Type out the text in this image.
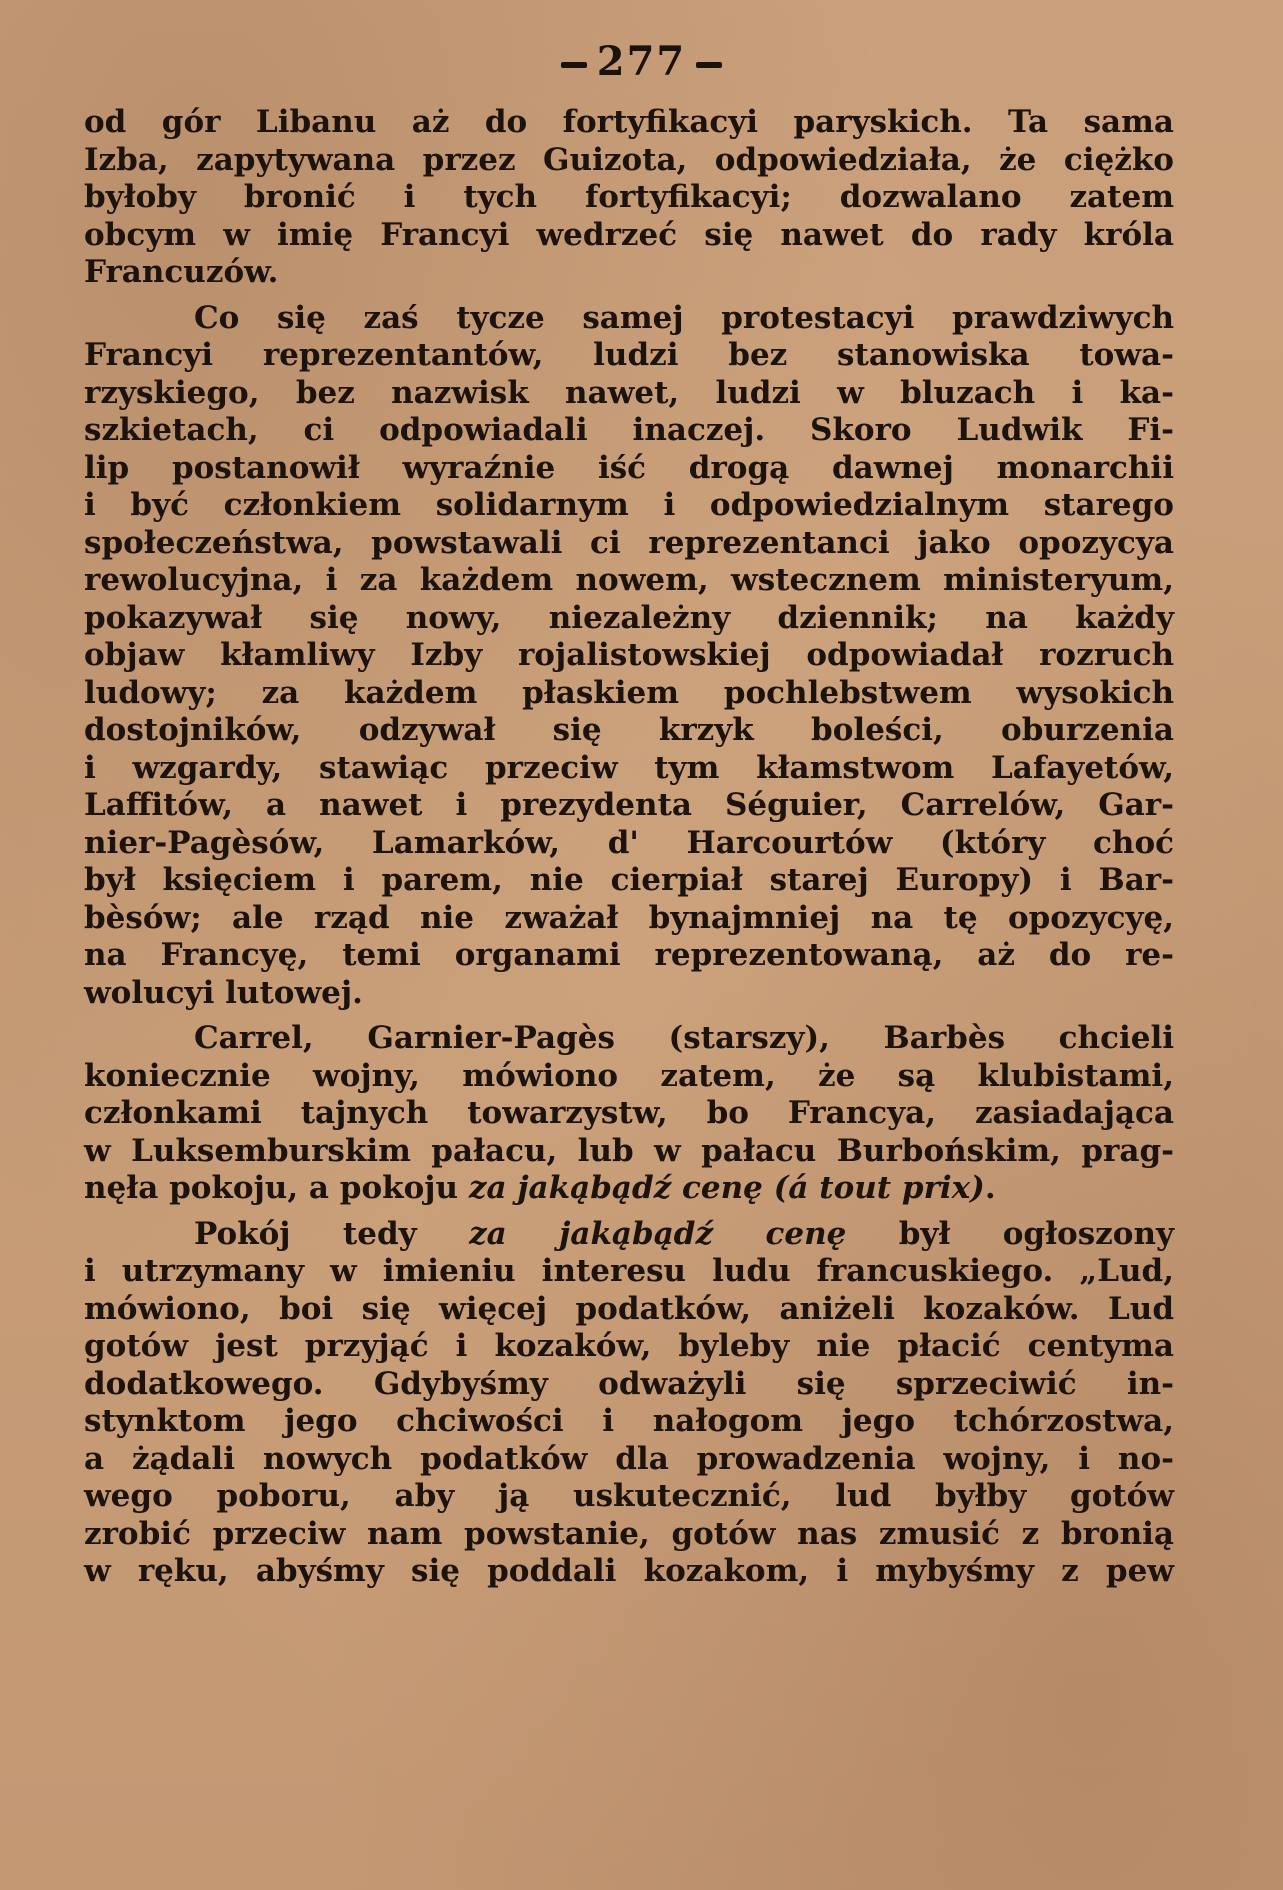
277
od gór Libanu aż do fortyfikacyi paryskich. Ta sama
Izba, zapytywana przez Guizota, odpowiedziała, że ciężko
byłoby bronić i tych fortyfikacyi; dozwalano zatem
obcym w imię Francyi wedrzeć się nawet do rady króla
Francuzów.
Co się zaś tycze samej protestacyi prawdziwych
Francyi reprezentantów, ludzi bez stanowiska towa-
rzyskiego, bez nazwisk nawet, ludzi w bluzach i ka-
szkietach, ci odpowiadali inaczej. Skoro Ludwik Fi-
lip postanowił wyraźnie iść drogą dawnej monarchii
i być członkiem solidarnym i odpowiedzialnym starego
społeczeństwa, powstawali ci reprezentanci jako opozycya
rewolucyjna, i za każdem nowem, wstecznem ministeryum,
pokazywał się nowy, niezależny dziennik; na każdy
objaw kłamliwy Izby rojalistowskiej odpowiadał rozruch
ludowy; za każdem płaskiem pochlebstwem wysokich
dostojników, odzywał się krzyk boleści, oburzenia
i wzgardy, stawiąc przeciw tym kłamstwom Lafayetów,
Laffitów, a nawet i prezydenta Séguier, Carrelów, Gar-
nier-Pagèsów, Lamarków, d' Harcourtów (który choć
był księciem i parem, nie cierpiał starej Europy) i Bar-
bèsów; ale rząd nie zważał bynajmniej na tę opozycyę,
na Francyę, temi organami reprezentowaną, aż do re-
wolucyi lutowej.
Carrel, Garnier-Pagès (starszy), Barbès chcieli
koniecznie wojny, mówiono zatem, że są klubistami,
członkami tajnych towarzystw, bo Francya, zasiadająca
w Luksemburskim pałacu, lub w pałacu Burbońskim, prag-
nęła pokoju, a pokoju za jakąbądź cenę (á tout prix).
Pokój tedy za jakąbądź cenę był ogłoszony
i utrzymany w imieniu interesu ludu francuskiego. „Lud,
mówiono, boi się więcej podatków, aniżeli kozaków. Lud
gotów jest przyjąć i kozaków, byleby nie płacić centyma
dodatkowego. Gdybyśmy odważyli się sprzeciwić in-
stynktom jego chciwości i nałogom jego tchórzostwa,
a żądali nowych podatków dla prowadzenia wojny, i no-
wego poboru, aby ją uskutecznić, lud byłby gotów
zrobić przeciw nam powstanie, gotów nas zmusić z bronią
w ręku, abyśmy się poddali kozakom, i mybyśmy z pew
